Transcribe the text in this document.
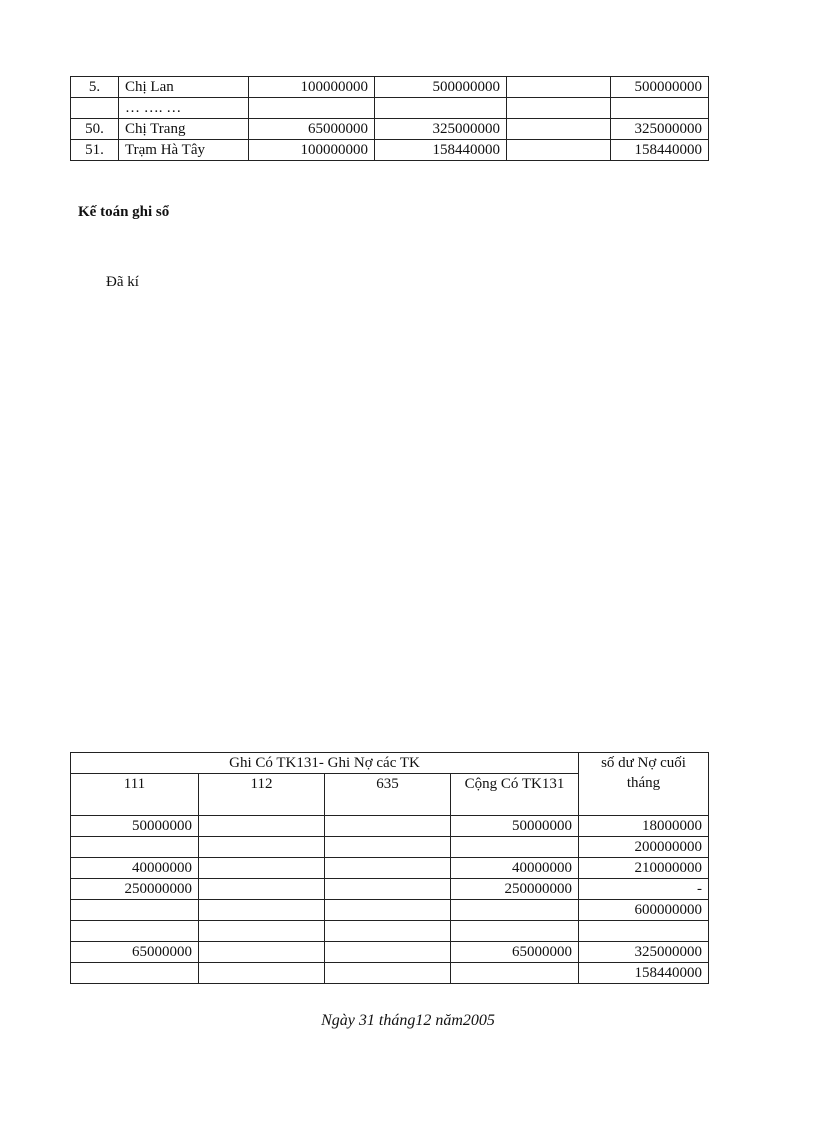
5.	Chị Lan	100000000	500000000		500000000
	… …. …				
50.	Chị Trang	65000000	325000000		325000000
51.	Trạm Hà Tây	100000000	158440000		158440000
Kế toán ghi sổ
Đã kí
Ghi Có TK131- Ghi Nợ các TK				số dư Nợ cuối tháng
111	112	635	Cộng Có TK131	
50000000			50000000	18000000
				200000000
40000000			40000000	210000000
250000000			250000000	-
				600000000

65000000			65000000	325000000
				158440000
Ngày 31 tháng12 năm2005
